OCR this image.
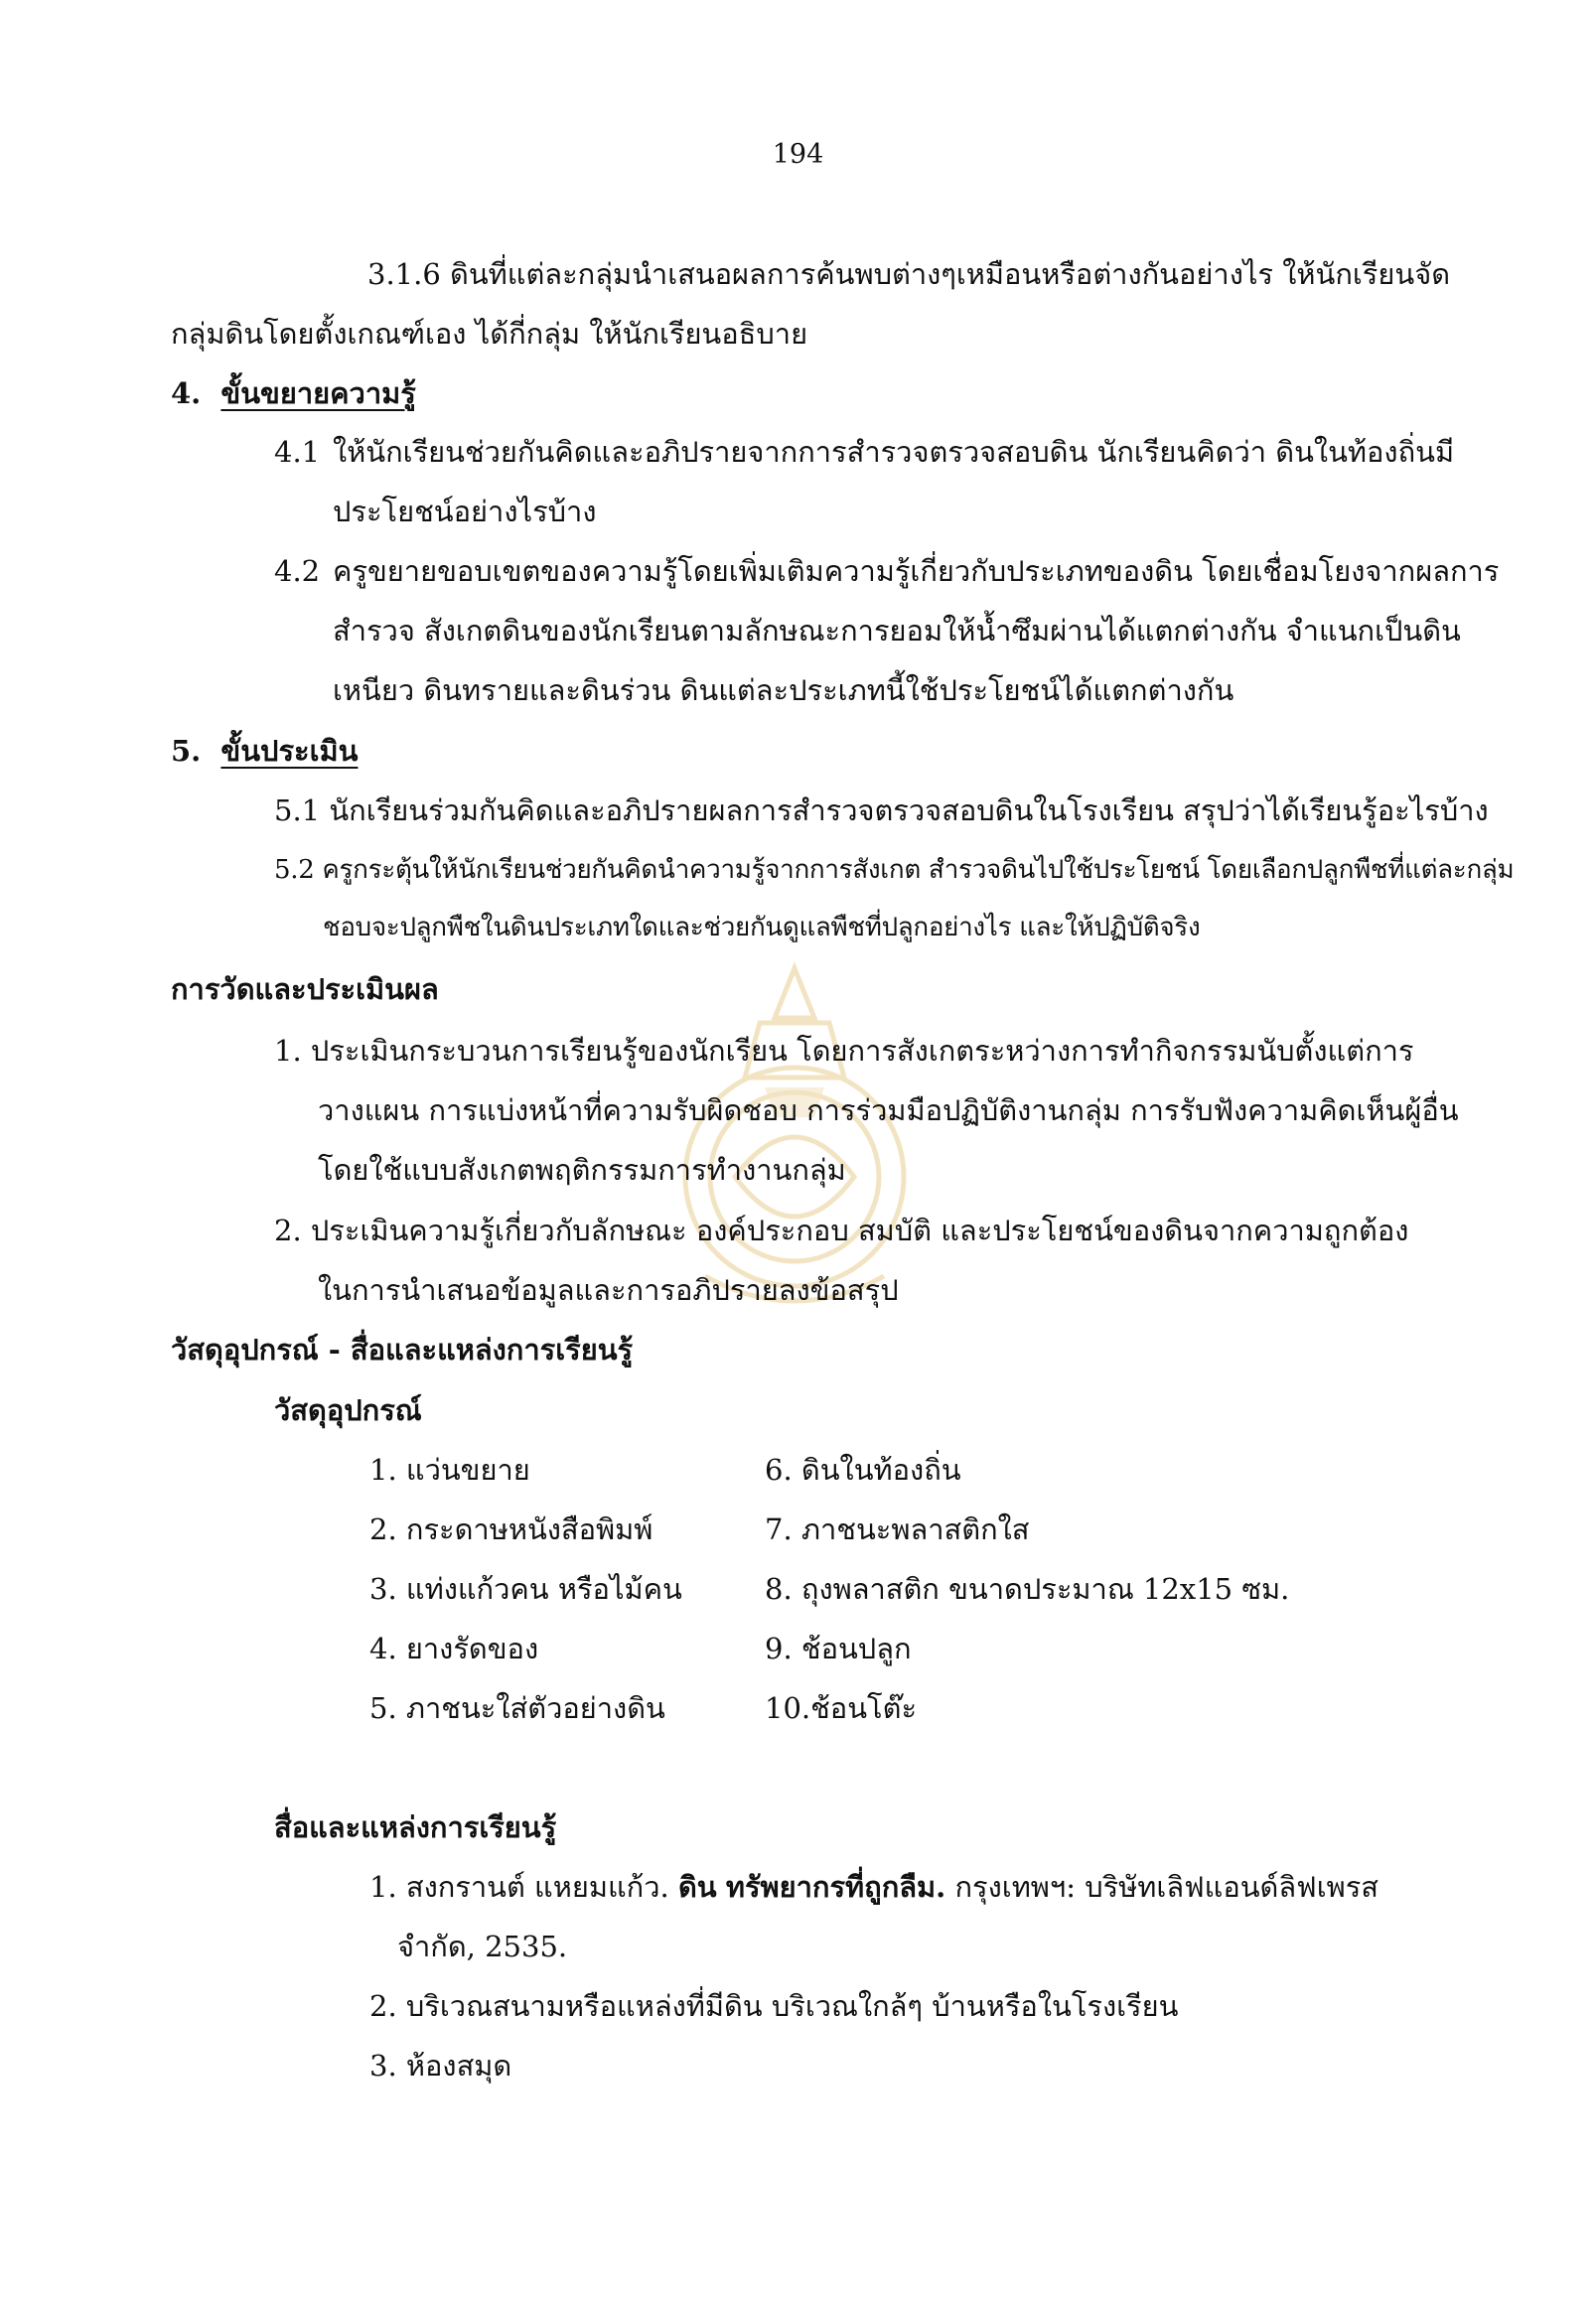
194
3.1.6 ดินที่แต่ละกลุ่มนำเสนอผลการค้นพบต่างๆเหมือนหรือต่างกันอย่างไร ให้นักเรียนจัด
กลุ่มดินโดยตั้งเกณฑ์เอง ได้กี่กลุ่ม ให้นักเรียนอธิบาย
4. ขั้นขยายความรู้
4.1 ให้นักเรียนช่วยกันคิดและอภิปรายจากการสำรวจตรวจสอบดิน นักเรียนคิดว่า ดินในท้องถิ่นมี
ประโยชน์อย่างไรบ้าง
4.2 ครูขยายขอบเขตของความรู้โดยเพิ่มเติมความรู้เกี่ยวกับประเภทของดิน โดยเชื่อมโยงจากผลการ
สำรวจ สังเกตดินของนักเรียนตามลักษณะการยอมให้น้ำซึมผ่านได้แตกต่างกัน จำแนกเป็นดิน
เหนียว ดินทรายและดินร่วน ดินแต่ละประเภทนี้ใช้ประโยชน์ได้แตกต่างกัน
5. ขั้นประเมิน
5.1 นักเรียนร่วมกันคิดและอภิปรายผลการสำรวจตรวจสอบดินในโรงเรียน สรุปว่าได้เรียนรู้อะไรบ้าง
5.2 ครูกระตุ้นให้นักเรียนช่วยกันคิดนำความรู้จากการสังเกต สำรวจดินไปใช้ประโยชน์ โดยเลือกปลูกพืชที่แต่ละกลุ่ม
ชอบจะปลูกพืชในดินประเภทใดและช่วยกันดูแลพืชที่ปลูกอย่างไร และให้ปฏิบัติจริง
การวัดและประเมินผล
1. ประเมินกระบวนการเรียนรู้ของนักเรียน โดยการสังเกตระหว่างการทำกิจกรรมนับตั้งแต่การ
วางแผน การแบ่งหน้าที่ความรับผิดชอบ การร่วมมือปฏิบัติงานกลุ่ม การรับฟังความคิดเห็นผู้อื่น
โดยใช้แบบสังเกตพฤติกรรมการทำงานกลุ่ม
2. ประเมินความรู้เกี่ยวกับลักษณะ องค์ประกอบ สมบัติ และประโยชน์ของดินจากความถูกต้อง
ในการนำเสนอข้อมูลและการอภิปรายลงข้อสรุป
วัสดุอุปกรณ์ - สื่อและแหล่งการเรียนรู้
วัสดุอุปกรณ์
1. แว่นขยาย
2. กระดาษหนังสือพิมพ์
3. แท่งแก้วคน หรือไม้คน
4. ยางรัดของ
5. ภาชนะใส่ตัวอย่างดิน
6. ดินในท้องถิ่น
7. ภาชนะพลาสติกใส
8. ถุงพลาสติก ขนาดประมาณ 12x15 ซม.
9. ช้อนปลูก
10.ช้อนโต๊ะ
สื่อและแหล่งการเรียนรู้
1. สงกรานต์ แหยมแก้ว. ดิน ทรัพยากรที่ถูกลืม. กรุงเทพฯ: บริษัทเลิฟแอนด์ลิฟเพรส
จำกัด, 2535.
2. บริเวณสนามหรือแหล่งที่มีดิน บริเวณใกล้ๆ บ้านหรือในโรงเรียน
3. ห้องสมุด
